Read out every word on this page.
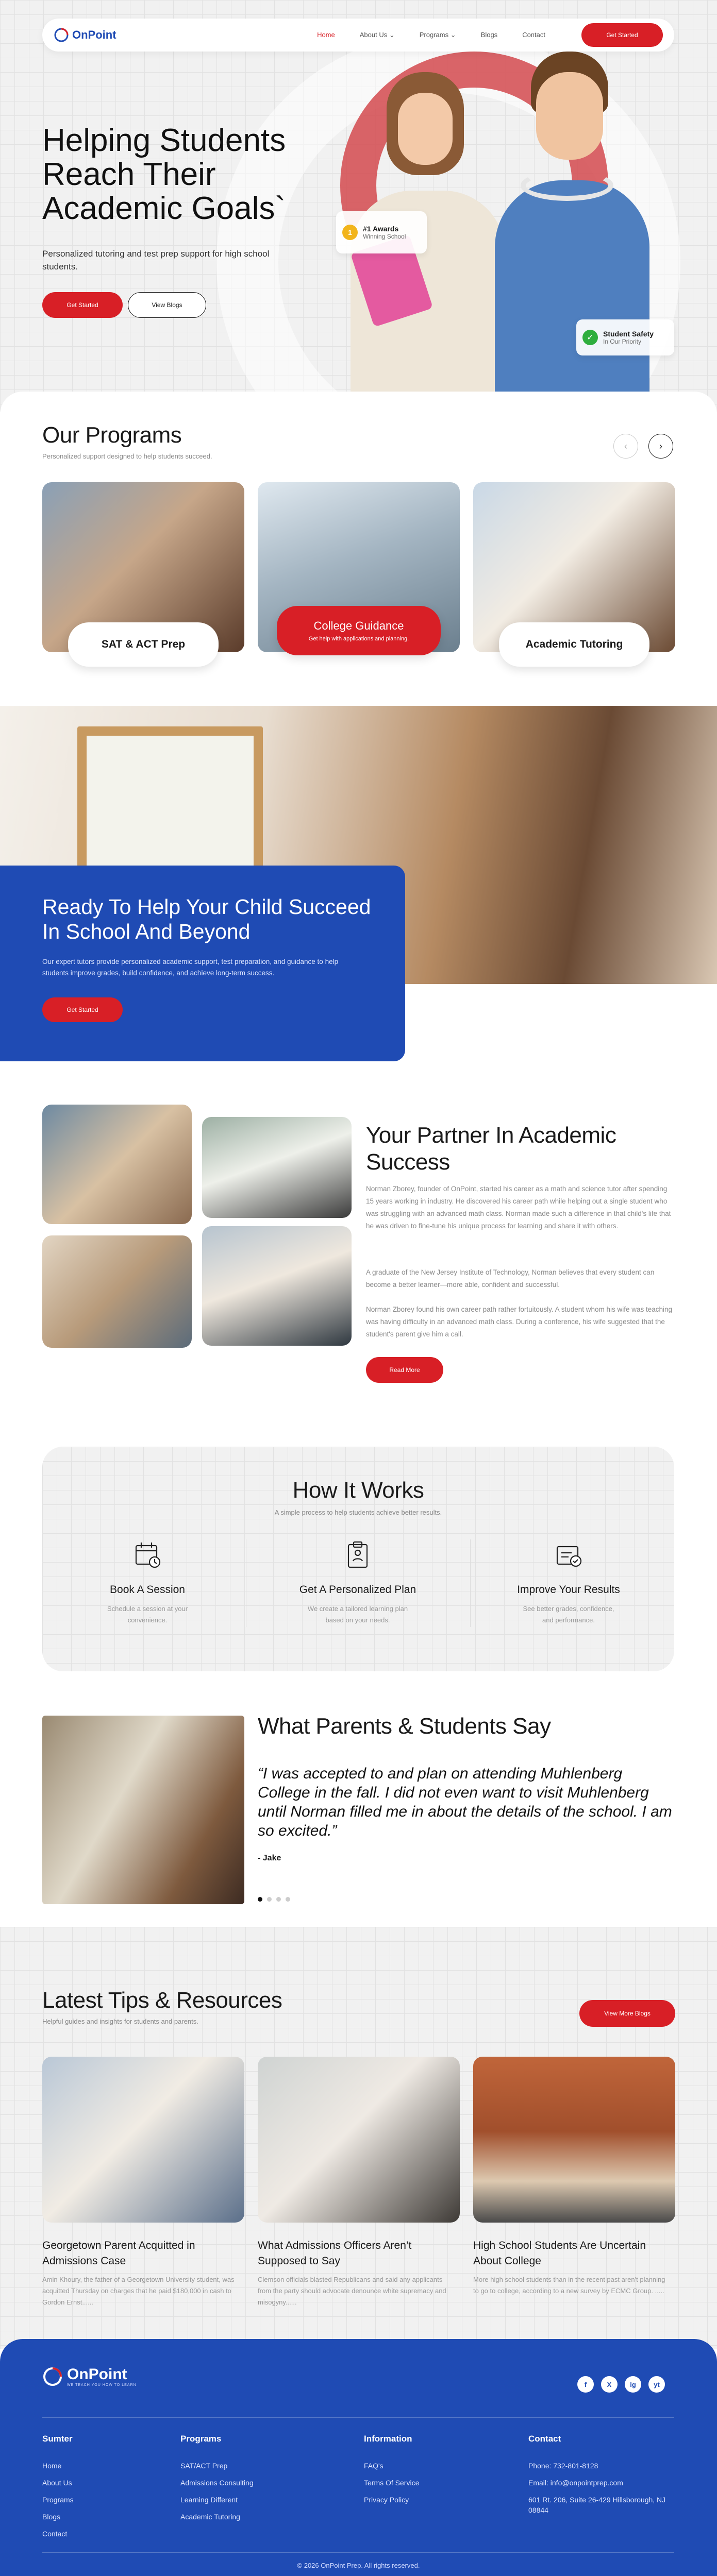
OnPoint	Home	About Us ⌄	Programs ⌄	Blogs	Contact	Get Started
Helping Students Reach Their Academic Goals`

Personalized tutoring and test prep support for high school students.

Get Started	View Blogs
1	#1 Awards
Winning School
✓	Student Safety
In Our Priority
Our Programs

Personalized support designed to help students succeed.

‹	›
SAT & ACT Prep
College Guidance
Get help with applications and planning.	Academic Tutoring
Ready To Help Your Child Succeed In School And Beyond

Our expert tutors provide personalized academic support, test preparation, and guidance to help students improve grades, build confidence, and achieve long-term success.

Get Started
Your Partner In Academic Success

Norman Zborey, founder of OnPoint, started his career as a math and science tutor after spending 15 years working in industry. He discovered his career path while helping out a single student who was struggling with an advanced math class. Norman made such a difference in that child's life that he was driven to fine-tune his unique process for learning and share it with others.

A graduate of the New Jersey Institute of Technology, Norman believes that every student can become a better learner—more able, confident and successful.

Norman Zborey found his own career path rather fortuitously. A student whom his wife was teaching was having difficulty in an advanced math class. During a conference, his wife suggested that the student's parent give him a call.

Read More
How It Works

A simple process to help students achieve better results.

Book A Session
Schedule a session at your convenience.
Get A Personalized Plan
We create a tailored learning plan based on your needs.
Improve Your Results
See better grades, confidence, and performance.
What Parents & Students Say

“I was accepted to and plan on attending Muhlenberg College in the fall. I did not even want to visit Muhlenberg until Norman filled me in about the details of the school. I am so excited.”

- Jake
Latest Tips & Resources

Helpful guides and insights for students and parents.

View More Blogs
Georgetown Parent Acquitted in Admissions Case
Amin Khoury, the father of a Georgetown University student, was acquitted Thursday on charges that he paid $180,000 in cash to Gordon Ernst......
What Admissions Officers Aren’t Supposed to Say
Clemson officials blasted Republicans and said any applicants from the party should advocate denounce white supremacy and misogyny......
High School Students Are Uncertain About College
More high school students than in the recent past aren't planning to go to college, according to a new survey by ECMC Group. .....
OnPoint
WE TEACH YOU HOW TO LEARN	f	X	ig	yt
Sumter
Home
About Us
Programs
Blogs
Contact
Programs
SAT/ACT Prep
Admissions Consulting
Learning Different
Academic Tutoring
Information
FAQ's
Terms Of Service
Privacy Policy
Contact
Phone: 732-801-8128
Email: info@onpointprep.com
601 Rt. 206, Suite 26-429 Hillsborough, NJ 08844
© 2026 OnPoint Prep. All rights reserved.
